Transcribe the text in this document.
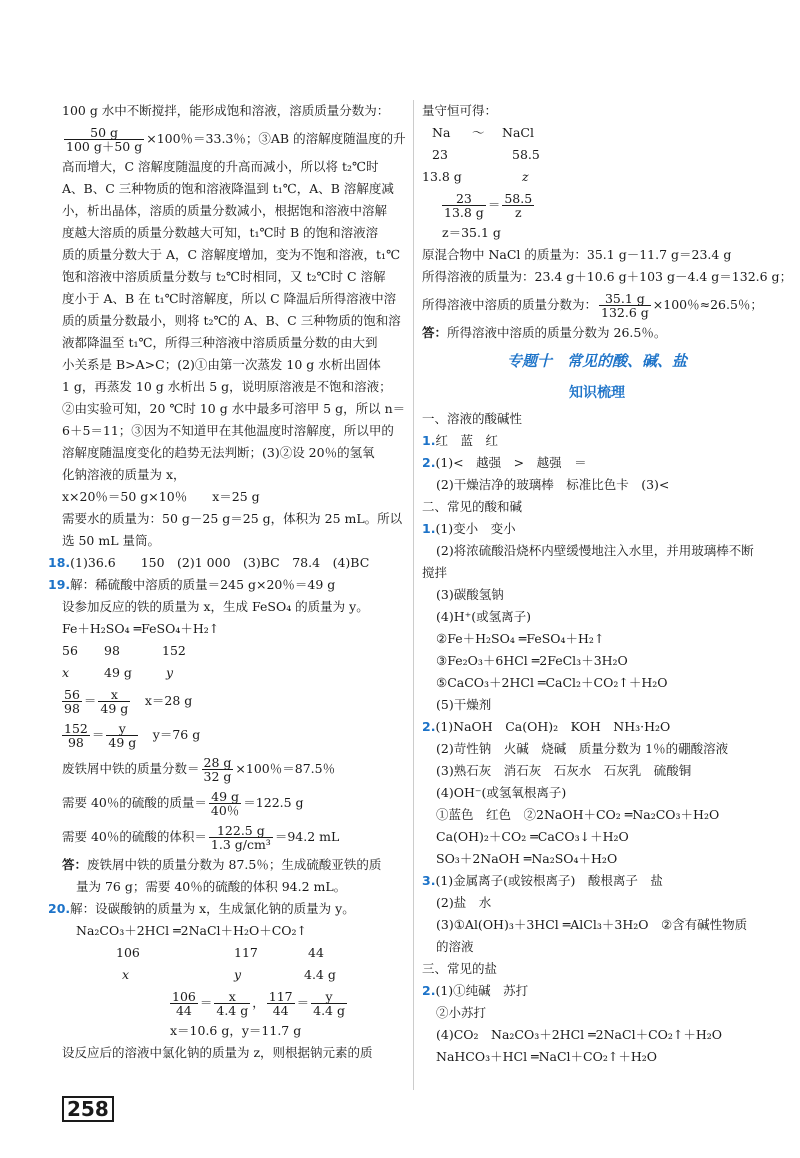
100 g 水中不断搅拌，能形成饱和溶液，溶质质量分数为：
$\frac{50 g}{100 g+50 g} \times 100$％＝33.3％；③AB 的溶解度随温度的升
高而增大，C 溶解度随温度的升高而减小，所以将 t₂℃时
A、B、C 三种物质的饱和溶液降温到 t₁℃，A、B 溶解度减
小，析出晶体，溶质的质量分数减小，根据饱和溶液中溶解
度越大溶质的质量分数越大可知，t₁℃时 B 的饱和溶液溶
质的质量分数大于 A，C 溶解度增加，变为不饱和溶液，t₁℃
饱和溶液中溶质质量分数与 t₂℃时相同，又 t₂℃时 C 溶解
度小于 A、B 在 t₁℃时溶解度，所以 C 降温后所得溶液中溶
质的质量分数最小，则将 t₂℃的 A、B、C 三种物质的饱和溶
液都降温至 t₁℃，所得三种溶液中溶质质量分数的由大到
小关系是 B>A>C；(2)①由第一次蒸发 10 g 水析出固体
1 g，再蒸发 10 g 水析出 5 g，说明原溶液是不饱和溶液；
②由实验可知，20 ℃时 10 g 水中最多可溶甲 5 g，所以 n＝
6＋5＝11；③因为不知道甲在其他温度时溶解度，所以甲的
溶解度随温度变化的趋势无法判断；(3)②设 20％的氢氧
化钠溶液的质量为 x，
x×20％＝50 g×10％　　x＝25 g
需要水的质量为：50 g－25 g＝25 g，体积为 25 mL。所以
选 50 mL 量筒。
18.(1)36.6　　150　(2)1 000　(3)BC　78.4　(4)BC
19.解：稀硫酸中溶质的质量＝245 g×20％＝49 g
设参加反应的铁的质量为 x，生成 FeSO₄ 的质量为 y。
Fe＋H₂SO₄ ═FeSO₄＋H₂↑
56 98	152
x	49 g	y
$\frac{56}{98} = \frac{x}{49 g}$
　 x＝28 g
$\frac{152}{98} = \frac{y}{49 g}$
　 y＝76 g
废铁屑中铁的质量分数＝ $\frac{28 g}{32 g} \times 100$％＝87.5％
需要 40％的硫酸的质量＝ $\frac{49 g}{40\%} =122.5$ g
需要 40％的硫酸的体积＝ $\frac{122.5 g}{\text{1.3 g/cm³}} =94.2$ mL
答：废铁屑中铁的质量分数为 87.5％；生成硫酸亚铁的质
量为 76 g；需要 40％的硫酸的体积 94.2 mL。
20.解：设碳酸钠的质量为 x，生成氯化钠的质量为 y。
Na₂CO₃＋2HCl ═2NaCl＋H₂O＋CO₂↑
106	117	44
x	y	4.4 g
$\frac{106}{44} = \frac{x}{4.4 g}$ ， $\frac{117}{44} = \frac{y}{4.4 g}$
x＝10.6 g，y＝11.7 g
设反应后的溶液中氯化钠的质量为 z，则根据钠元素的质
量守恒可得：
Na ～ NaCl
23	58.5
13.8 g	z
$\frac{23}{13.8 g} = \frac{58.5}{z}$
z＝35.1 g
原混合物中 NaCl 的质量为：35.1 g－11.7 g＝23.4 g
所得溶液的质量为：23.4 g＋10.6 g＋103 g－4.4 g＝132.6 g；
所得溶液中溶质的质量分数为： $\frac{35.1 g}{132.6 g} \times 100$％≈26.5％；
答：所得溶液中溶质的质量分数为 26.5％。
专题十　常见的酸、碱、盐
知识梳理
一、溶液的酸碱性
1.红　蓝　红
2.(1)<　越强　>　越强　＝
(2)干燥洁净的玻璃棒　标准比色卡　(3)<
二、常见的酸和碱
1.(1)变小　变小
(2)将浓硫酸沿烧杯内壁缓慢地注入水里，并用玻璃棒不断
搅拌
(3)碳酸氢钠
(4)H⁺(或氢离子)
②Fe＋H₂SO₄ ═FeSO₄＋H₂↑
③Fe₂O₃＋6HCl ═2FeCl₃＋3H₂O
⑤CaCO₃＋2HCl ═CaCl₂＋CO₂↑＋H₂O
(5)干燥剂
2.(1)NaOH　Ca(OH)₂　KOH　NH₃·H₂O
(2)苛性钠　火碱　烧碱　质量分数为 1％的硼酸溶液
(3)熟石灰　消石灰　石灰水　石灰乳　硫酸铜
(4)OH⁻(或氢氧根离子)
①蓝色　红色　②2NaOH＋CO₂ ═Na₂CO₃＋H₂O
Ca(OH)₂＋CO₂ ═CaCO₃↓＋H₂O
SO₃＋2NaOH ═Na₂SO₄＋H₂O
3.(1)金属离子(或铵根离子)　酸根离子　盐
(2)盐　水
(3)①Al(OH)₃＋3HCl ═AlCl₃＋3H₂O　②含有碱性物质
的溶液
三、常见的盐
2.(1)①纯碱　苏打
②小苏打
(4)CO₂　Na₂CO₃＋2HCl ═2NaCl＋CO₂↑＋H₂O
NaHCO₃＋HCl ═NaCl＋CO₂↑＋H₂O
258
